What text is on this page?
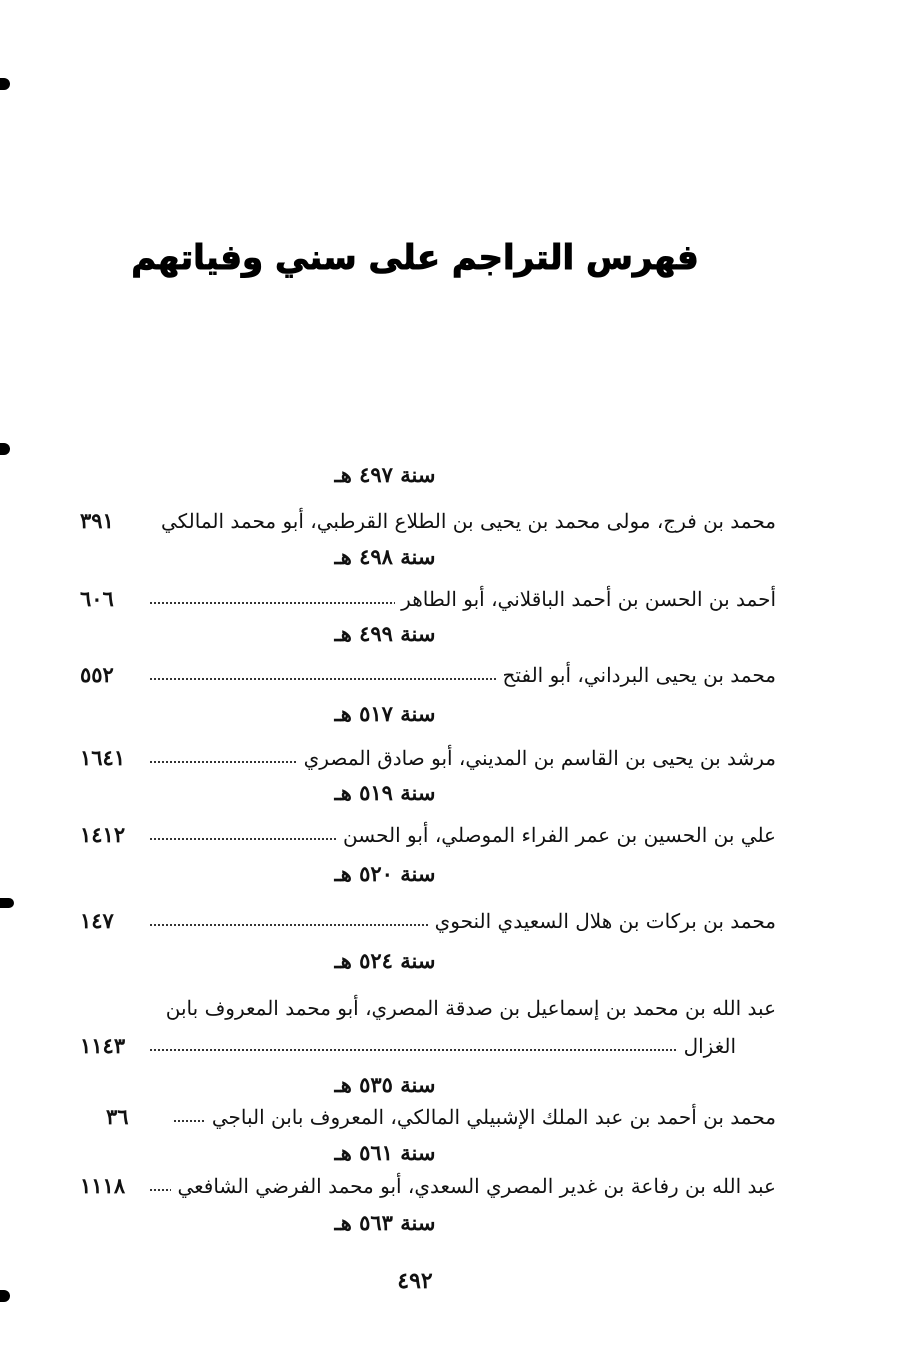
فهرس التراجم على سني وفياتهم
سنة ٤٩٧ هـ
محمد بن فرج، مولى محمد بن يحيى بن الطلاع القرطبي، أبو محمد المالكي
٣٩١
سنة ٤٩٨ هـ
أحمد بن الحسن بن أحمد الباقلاني، أبو الطاهر
٦٠٦
سنة ٤٩٩ هـ
محمد بن يحيى البرداني، أبو الفتح
٥٥٢
سنة ٥١٧ هـ
مرشد بن يحيى بن القاسم بن المديني، أبو صادق المصري
١٦٤١
سنة ٥١٩ هـ
علي بن الحسين بن عمر الفراء الموصلي، أبو الحسن
١٤١٢
سنة ٥٢٠ هـ
محمد بن بركات بن هلال السعيدي النحوي
١٤٧
سنة ٥٢٤ هـ
عبد الله بن محمد بن إسماعيل بن صدقة المصري، أبو محمد المعروف بابن
الغزال
١١٤٣
سنة ٥٣٥ هـ
محمد بن أحمد بن عبد الملك الإشبيلي المالكي، المعروف بابن الباجي
٣٦
سنة ٥٦١ هـ
عبد الله بن رفاعة بن غدير المصري السعدي، أبو محمد الفرضي الشافعي
١١١٨
سنة ٥٦٣ هـ
٤٩٢
